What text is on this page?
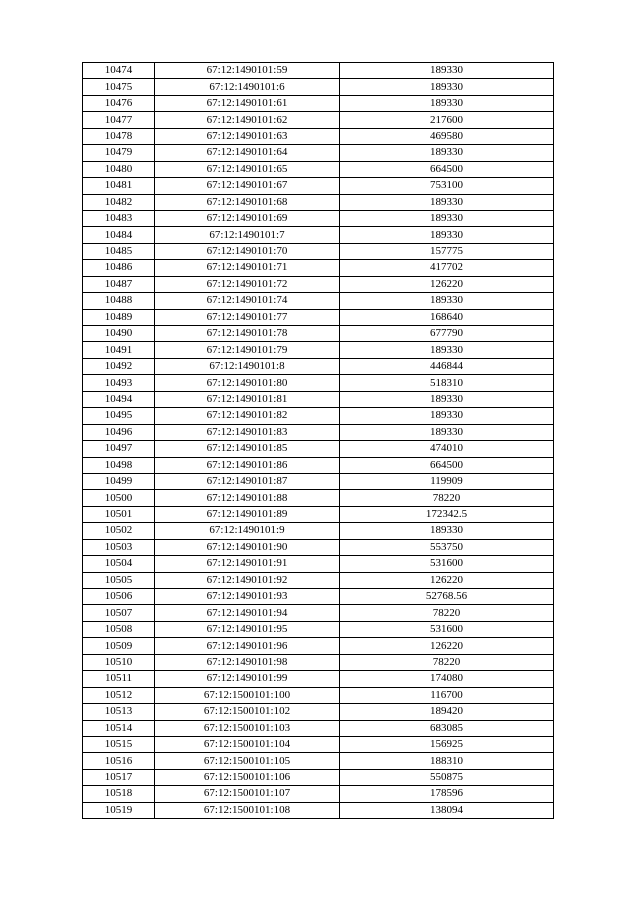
10474	67:12:1490101:59	189330
10475	67:12:1490101:6	189330
10476	67:12:1490101:61	189330
10477	67:12:1490101:62	217600
10478	67:12:1490101:63	469580
10479	67:12:1490101:64	189330
10480	67:12:1490101:65	664500
10481	67:12:1490101:67	753100
10482	67:12:1490101:68	189330
10483	67:12:1490101:69	189330
10484	67:12:1490101:7	189330
10485	67:12:1490101:70	157775
10486	67:12:1490101:71	417702
10487	67:12:1490101:72	126220
10488	67:12:1490101:74	189330
10489	67:12:1490101:77	168640
10490	67:12:1490101:78	677790
10491	67:12:1490101:79	189330
10492	67:12:1490101:8	446844
10493	67:12:1490101:80	518310
10494	67:12:1490101:81	189330
10495	67:12:1490101:82	189330
10496	67:12:1490101:83	189330
10497	67:12:1490101:85	474010
10498	67:12:1490101:86	664500
10499	67:12:1490101:87	119909
10500	67:12:1490101:88	78220
10501	67:12:1490101:89	172342.5
10502	67:12:1490101:9	189330
10503	67:12:1490101:90	553750
10504	67:12:1490101:91	531600
10505	67:12:1490101:92	126220
10506	67:12:1490101:93	52768.56
10507	67:12:1490101:94	78220
10508	67:12:1490101:95	531600
10509	67:12:1490101:96	126220
10510	67:12:1490101:98	78220
10511	67:12:1490101:99	174080
10512	67:12:1500101:100	116700
10513	67:12:1500101:102	189420
10514	67:12:1500101:103	683085
10515	67:12:1500101:104	156925
10516	67:12:1500101:105	188310
10517	67:12:1500101:106	550875
10518	67:12:1500101:107	178596
10519	67:12:1500101:108	138094
